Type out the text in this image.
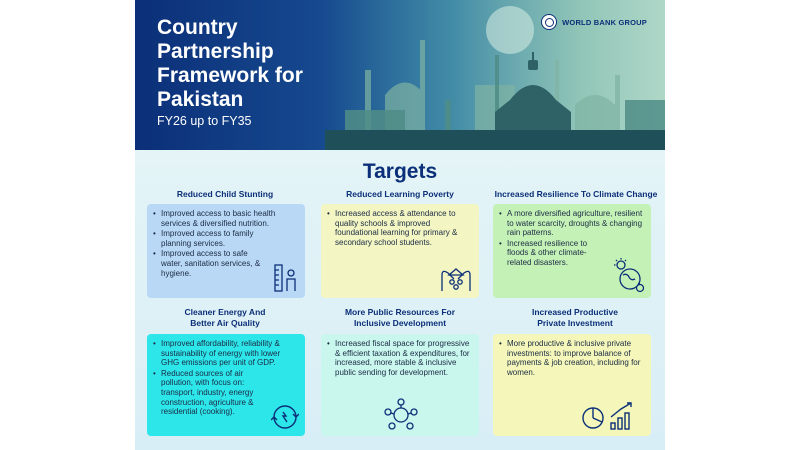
Country
Partnership
Framework for
Pakistan
FY26 up to FY35
WORLD BANK GROUP
Targets
Reduced Child Stunting	Reduced Learning Poverty	Increased Resilience To Climate Change
• Improved access to basic health services & diversified nutrition.
• Improved access to family planning services.
• Improved access to safe water, sanitation services, & hygiene.
• Increased access & attendance to quality schools & improved foundational learning for primary & secondary school students.
• A more diversified agriculture, resilient to water scarcity, droughts & changing rain patterns.
• Increased resilience to floods & other climate-related disasters.
Cleaner Energy And
Better Air Quality
More Public Resources For
Inclusive Development
Increased Productive
Private Investment
• Improved affordability, reliability & sustainability of energy with lower GHG emissions per unit of GDP.
• Reduced sources of air pollution, with focus on: transport, industry, energy construction, agriculture & residential (cooking).
• Increased fiscal space for progressive & efficient taxation & expenditures, for increased, more stable & inclusive public sending for development.
• More productive & inclusive private investments: to improve balance of payments & job creation, including for women.
